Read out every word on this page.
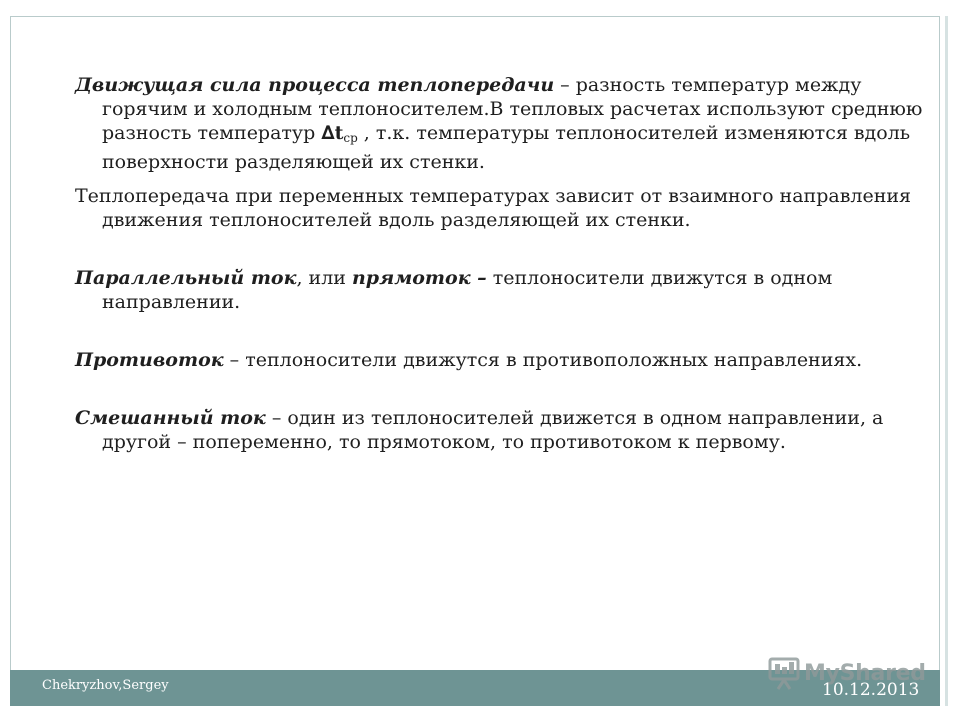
Движущая сила процесса теплопередачи – разность температур между горячим и холодным теплоносителем.В тепловых расчетах используют среднюю разность температур $\Delta t_{ср}$ , т.к. температуры теплоносителей изменяются вдоль поверхности разделяющей их стенки.

Теплопередача при переменных температурах зависит от взаимного направления движения теплоносителей вдоль разделяющей их стенки.

Параллельный ток, или прямоток – теплоносители движутся в одном направлении.

Противоток – теплоносители движутся в противоположных направлениях.

Смешанный ток – один из теплоносителей движется в одном направлении, а другой – попеременно, то прямотоком, то противотоком к первому.

Chekryzhov,Sergey	MyShared
10.12.2013
